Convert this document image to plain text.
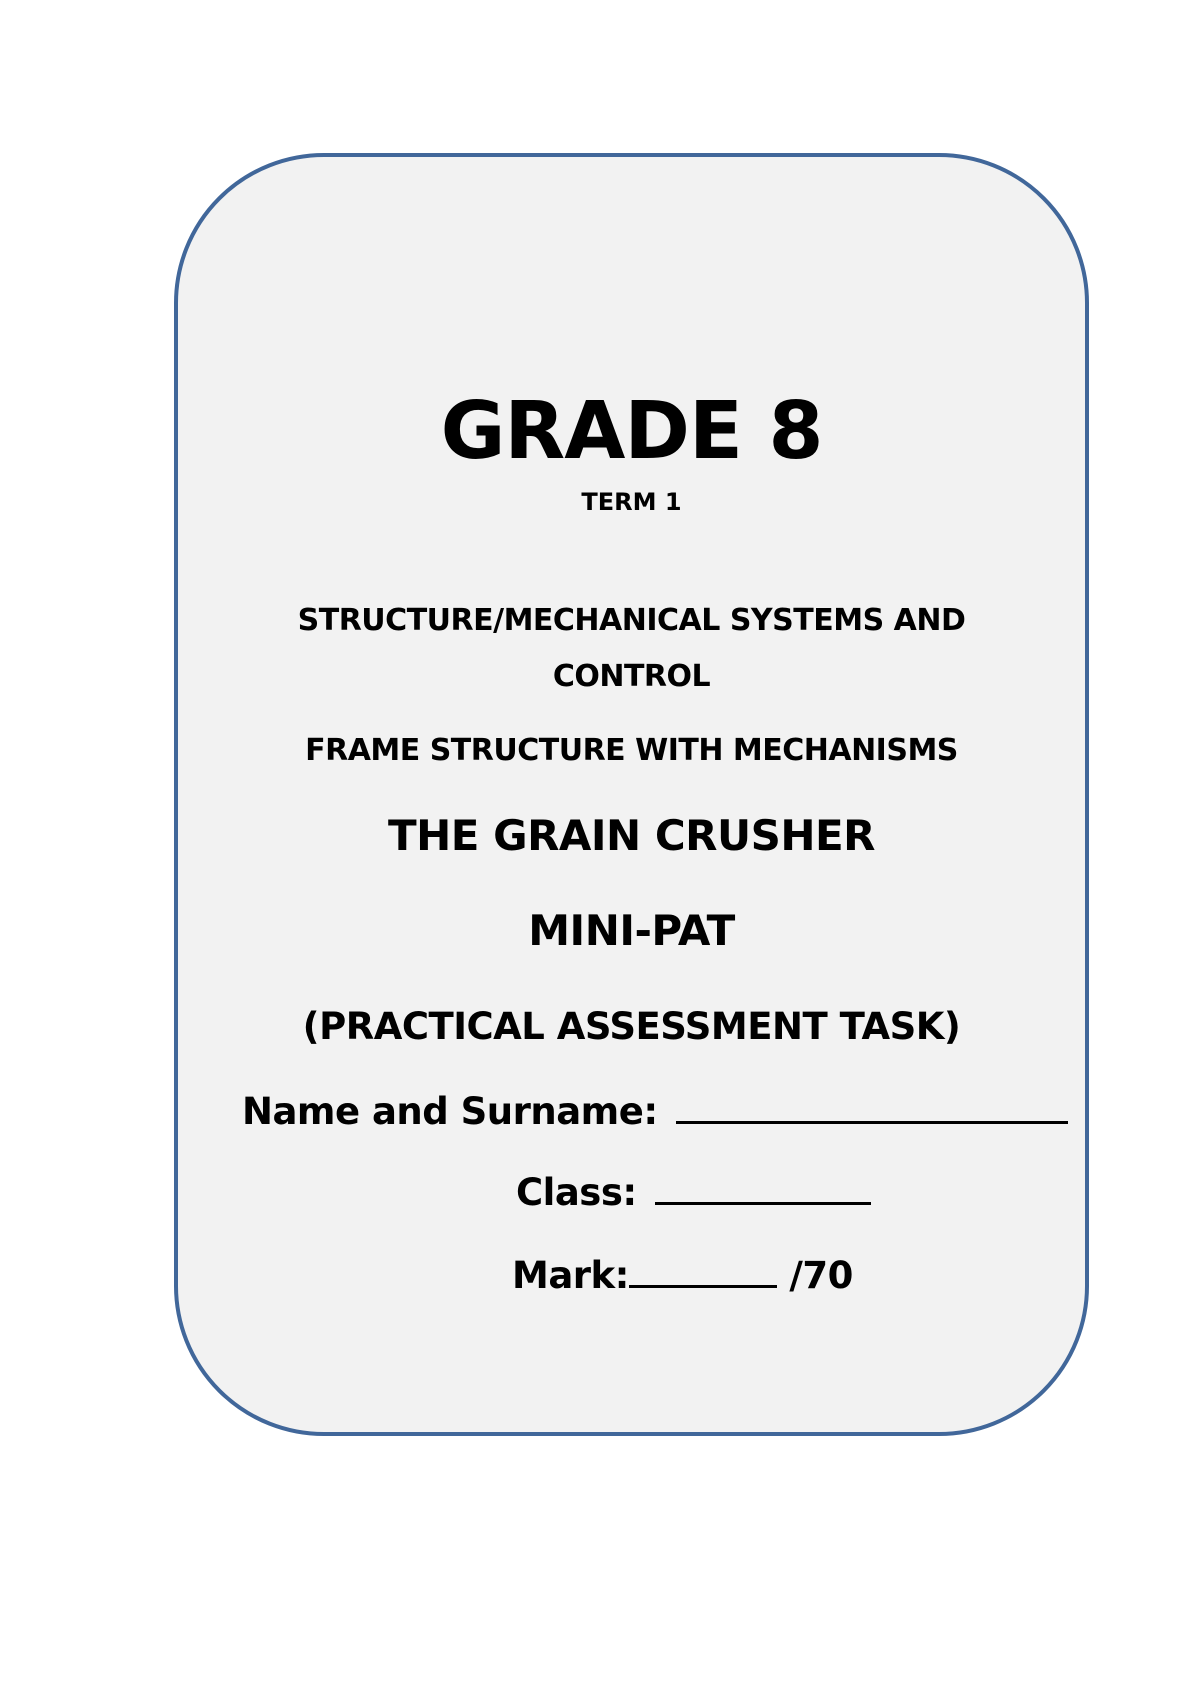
GRADE 8
TERM 1
STRUCTURE/MECHANICAL SYSTEMS AND CONTROL
FRAME STRUCTURE WITH MECHANISMS
THE GRAIN CRUSHER
MINI-PAT
(PRACTICAL ASSESSMENT TASK)
Name and Surname:
Class:
Mark:	/70
